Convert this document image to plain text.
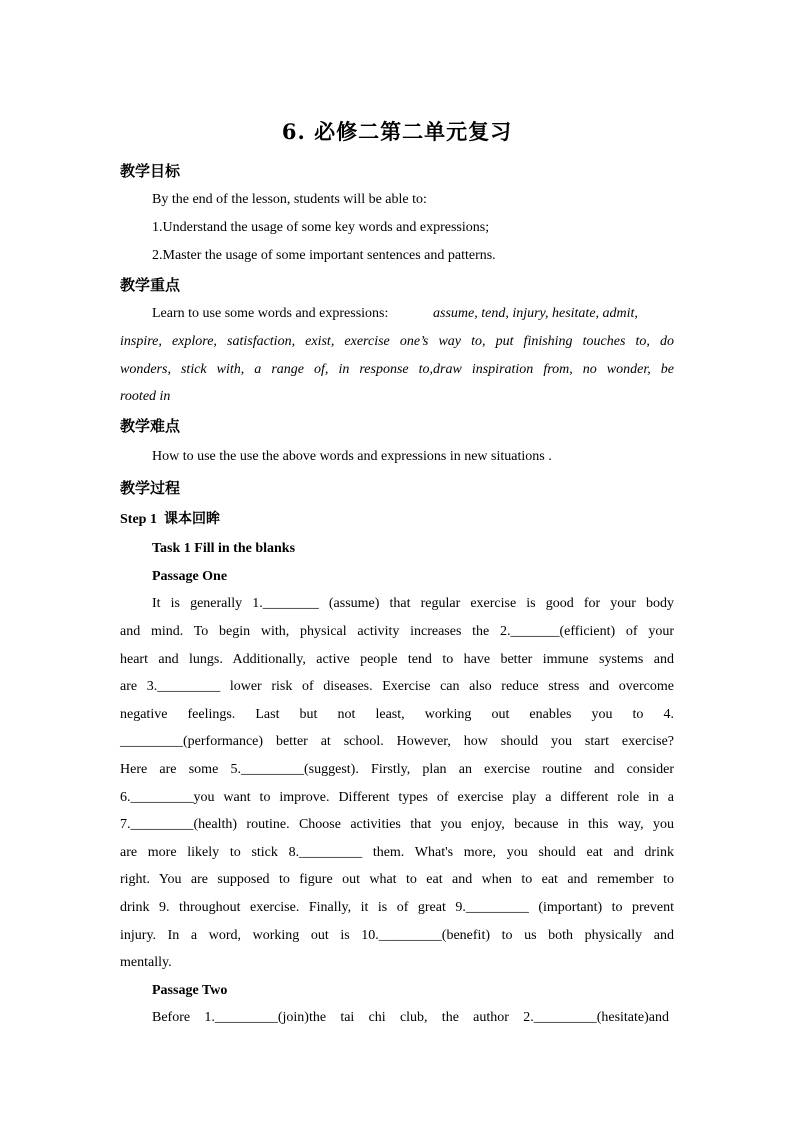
6. 必修二第二单元复习
教学目标
By the end of the lesson, students will be able to:
1.Understand the usage of some key words and expressions;
2.Master the usage of some important sentences and patterns.
教学重点
Learn to use some words and expressions:	assume, tend, injury, hesitate, admit,
inspire, explore, satisfaction, exist, exercise one’s way to, put finishing touches to, do
wonders, stick with, a range of, in response to,draw inspiration from, no wonder, be
rooted in
教学难点
How to use the use the above words and expressions in new situations .
教学过程
Step 1 课本回眸
Task 1 Fill in the blanks
Passage One
It is generally 1.________ (assume) that regular exercise is good for your body
and mind. To begin with, physical activity increases the 2._______(efficient) of your
heart and lungs. Additionally, active people tend to have better immune systems and
are 3._________ lower risk of diseases. Exercise can also reduce stress and overcome
negative feelings. Last but not least, working out enables you to 4.
_________(performance) better at school. However, how should you start exercise?
Here are some 5._________(suggest). Firstly, plan an exercise routine and consider
6._________you want to improve. Different types of exercise play a different role in a
7._________(health) routine. Choose activities that you enjoy, because in this way, you
are more likely to stick 8._________ them. What's more, you should eat and drink
right. You are supposed to figure out what to eat and when to eat and remember to
drink 9. throughout exercise. Finally, it is of great 9._________ (important) to prevent
injury. In a word, working out is 10._________(benefit) to us both physically and
mentally.
Passage Two
Before 1._________(join)the tai chi club, the author 2._________(hesitate)and
